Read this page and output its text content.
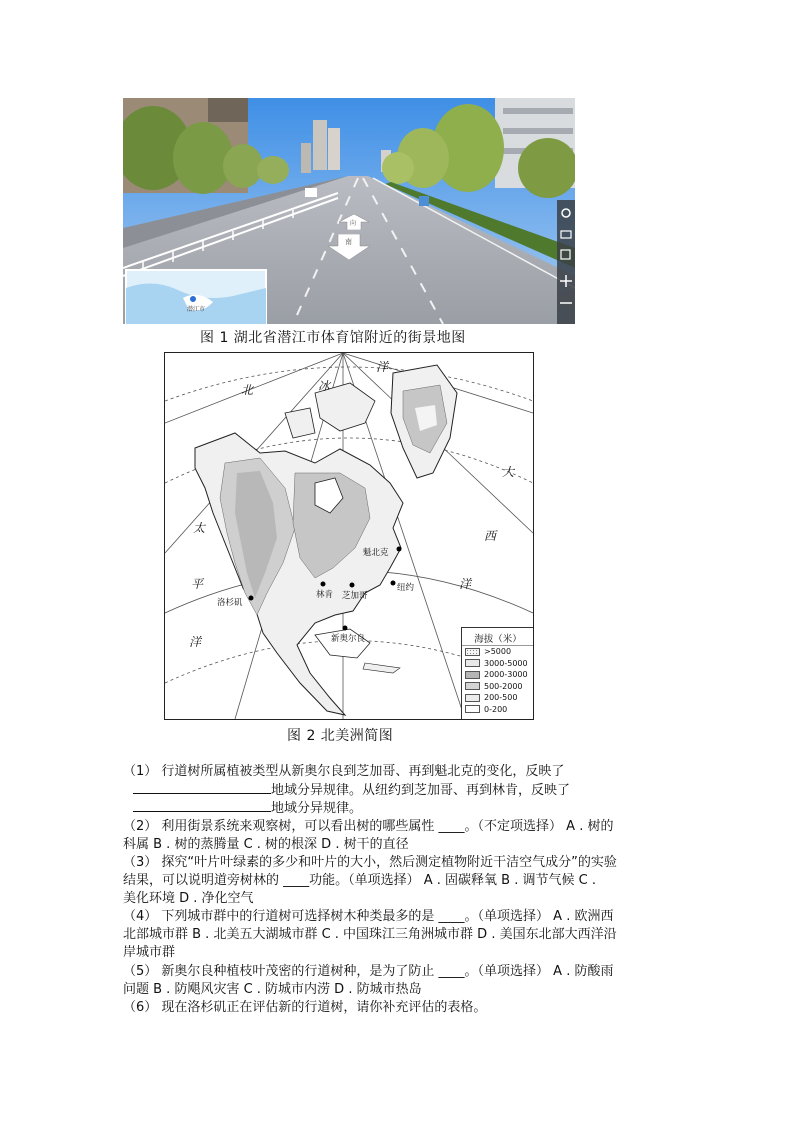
向
南
潜江市
图 1 湖北省潜江市体育馆附近的街景地图
北	冰
洋
太
平
洋
大
西
洋
魁北克
林肯 芝加哥
纽约
洛杉矶
新奥尔良	海拔（米）
>5000
3000-5000
2000-3000
500-2000
200-500
0-200
图 2 北美洲简图
（1） 行道树所属植被类型从新奥尔良到芝加哥、再到魁北克的变化，反映了
地域分异规律。从纽约到芝加哥、再到林肯，反映了
地域分异规律。
（2） 利用街景系统来观察树，可以看出树的哪些属性 ____。（不定项选择） A . 树的
科属 B . 树的蒸腾量 C . 树的根深 D . 树干的直径
（3） 探究“叶片叶绿素的多少和叶片的大小，然后测定植物附近干洁空气成分”的实验
结果，可以说明道旁树林的 ____功能。（单项选择） A . 固碳释氧 B . 调节气候 C .
美化环境 D . 净化空气
（4） 下列城市群中的行道树可选择树木种类最多的是 ____。（单项选择） A . 欧洲西
北部城市群 B . 北美五大湖城市群 C . 中国珠江三角洲城市群 D . 美国东北部大西洋沿
岸城市群
（5） 新奥尔良种植枝叶茂密的行道树种，是为了防止 ____。（单项选择） A . 防酸雨
问题 B . 防飓风灾害 C . 防城市内涝 D . 防城市热岛
（6） 现在洛杉矶正在评估新的行道树，请你补充评估的表格。
